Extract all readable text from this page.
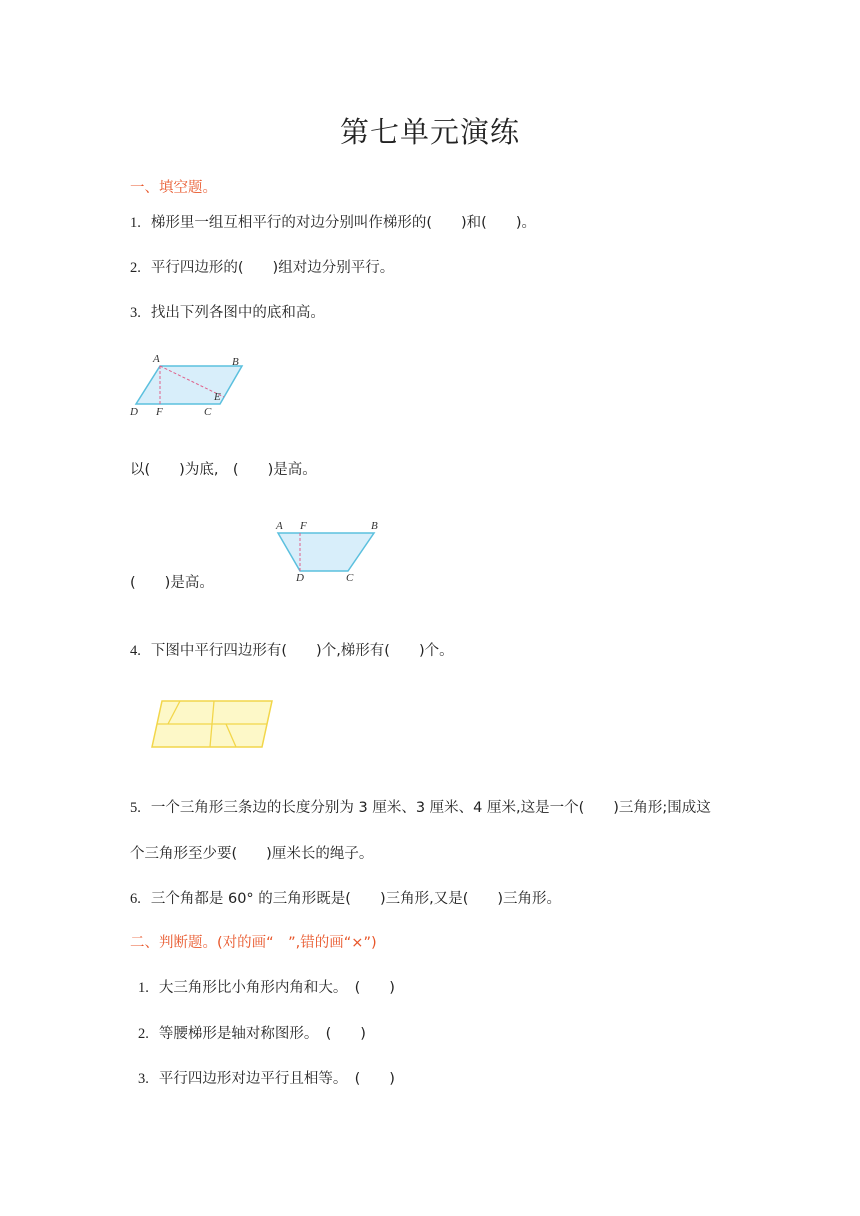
第七单元演练
一、填空题。
1. 梯形里一组互相平行的对边分别叫作梯形的(　　)和(　　)。
2. 平行四边形的(　　)组对边分别平行。
3. 找出下列各图中的底和高。
A	B
C
D
E
F
以(　　)为底,　(　　)是高。
A F	B
C
D
(　　)是高。
4. 下图中平行四边形有(　　)个,梯形有(　　)个。
5. 一个三角形三条边的长度分别为 3 厘米、3 厘米、4 厘米,这是一个(　　)三角形;围成这
个三角形至少要(　　)厘米长的绳子。
6. 三个角都是 60° 的三角形既是(　　)三角形,又是(　　)三角形。
二、判断题。(对的画“　”,错的画“×”)
1. 大三角形比小角形内角和大。　(　　)
2. 等腰梯形是轴对称图形。　(　　)
3. 平行四边形对边平行且相等。　(　　)
